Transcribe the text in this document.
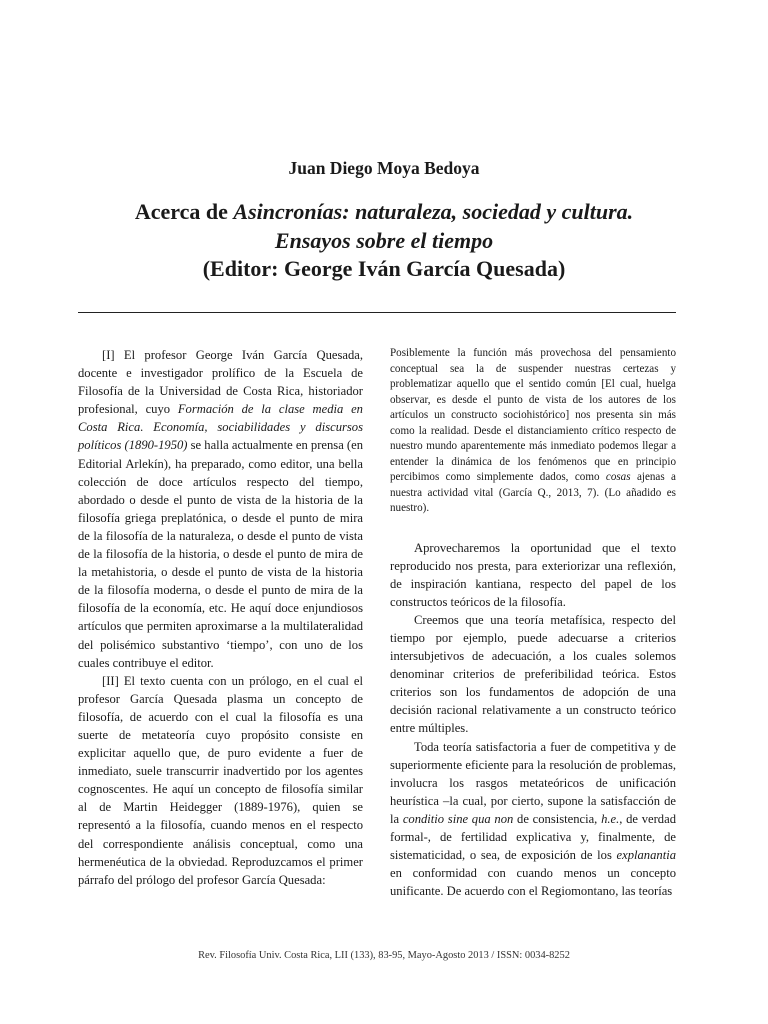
Juan Diego Moya Bedoya
Acerca de Asincronías: naturaleza, sociedad y cultura.
Ensayos sobre el tiempo
(Editor: George Iván García Quesada)

[I] El profesor George Iván García Quesada, docente e investigador prolífico de la Escuela de Filosofía de la Universidad de Costa Rica, historiador profesional, cuyo Formación de la clase media en Costa Rica. Economía, sociabilidades y discursos políticos (1890-1950) se halla actualmente en prensa (en Editorial Arlekín), ha preparado, como editor, una bella colección de doce artículos respecto del tiempo, abordado o desde el punto de vista de la historia de la filosofía griega preplatónica, o desde el punto de mira de la filosofía de la naturaleza, o desde el punto de vista de la filosofía de la historia, o desde el punto de mira de la metahistoria, o desde el punto de vista de la historia de la filosofía moderna, o desde el punto de mira de la filosofía de la economía, etc. He aquí doce enjundiosos artículos que permiten aproximarse a la multilateralidad del polisémico substantivo ‘tiempo’, con uno de los cuales contribuye el editor.

[II] El texto cuenta con un prólogo, en el cual el profesor García Quesada plasma un concepto de filosofía, de acuerdo con el cual la filosofía es una suerte de metateoría cuyo propósito consiste en explicitar aquello que, de puro evidente a fuer de inmediato, suele transcurrir inadvertido por los agentes cognoscentes. He aquí un concepto de filosofía similar al de Martin Heidegger (1889-1976), quien se representó a la filosofía, cuando menos en el respecto del correspondiente análisis conceptual, como una hermenéutica de la obviedad. Reproduzcamos el primer párrafo del prólogo del profesor García Quesada:

Posiblemente la función más provechosa del pensamiento conceptual sea la de suspender nuestras certezas y problematizar aquello que el sentido común [El cual, huelga observar, es desde el punto de vista de los autores de los artículos un constructo sociohistórico] nos presenta sin más como la realidad. Desde el distanciamiento crítico respecto de nuestro mundo aparentemente más inmediato podemos llegar a entender la dinámica de los fenómenos que en principio percibimos como simplemente dados, como cosas ajenas a nuestra actividad vital (García Q., 2013, 7). (Lo añadido es nuestro).

Aprovecharemos la oportunidad que el texto reproducido nos presta, para exteriorizar una reflexión, de inspiración kantiana, respecto del papel de los constructos teóricos de la filosofía.

Creemos que una teoría metafísica, respecto del tiempo por ejemplo, puede adecuarse a criterios intersubjetivos de adecuación, a los cuales solemos denominar criterios de preferibilidad teórica. Estos criterios son los fundamentos de adopción de una decisión racional relativamente a un constructo teórico entre múltiples.

Toda teoría satisfactoria a fuer de competitiva y de superiormente eficiente para la resolución de problemas, involucra los rasgos metateóricos de unificación heurística –la cual, por cierto, supone la satisfacción de la conditio sine qua non de consistencia, h.e., de verdad formal-, de fertilidad explicativa y, finalmente, de sistematicidad, o sea, de exposición de los explanantia en conformidad con cuando menos un concepto unificante. De acuerdo con el Regiomontano, las teorías

Rev. Filosofía Univ. Costa Rica, LII (133), 83-95, Mayo-Agosto 2013 / ISSN: 0034-8252
